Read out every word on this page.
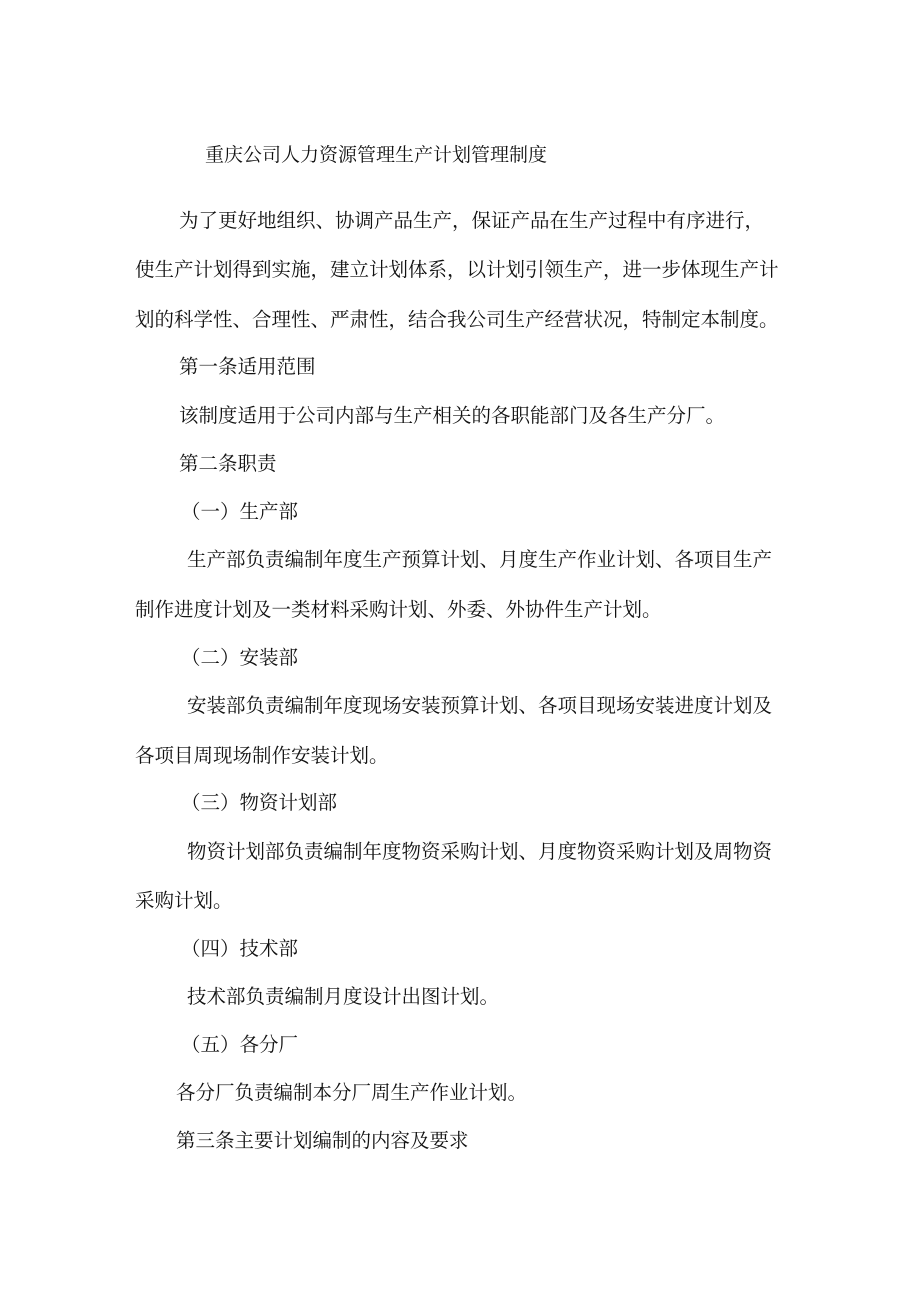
重庆公司人力资源管理生产计划管理制度
为了更好地组织、协调产品生产，保证产品在生产过程中有序进行，
使生产计划得到实施，建立计划体系，以计划引领生产，进一步体现生产计
划的科学性、合理性、严肃性，结合我公司生产经营状况，特制定本制度。
第一条适用范围
该制度适用于公司内部与生产相关的各职能部门及各生产分厂。
第二条职责
（一）生产部
生产部负责编制年度生产预算计划、月度生产作业计划、各项目生产
制作进度计划及一类材料采购计划、外委、外协件生产计划。
（二）安装部
安装部负责编制年度现场安装预算计划、各项目现场安装进度计划及
各项目周现场制作安装计划。
（三）物资计划部
物资计划部负责编制年度物资采购计划、月度物资采购计划及周物资
采购计划。
（四）技术部
技术部负责编制月度设计出图计划。
（五）各分厂
各分厂负责编制本分厂周生产作业计划。
第三条主要计划编制的内容及要求
